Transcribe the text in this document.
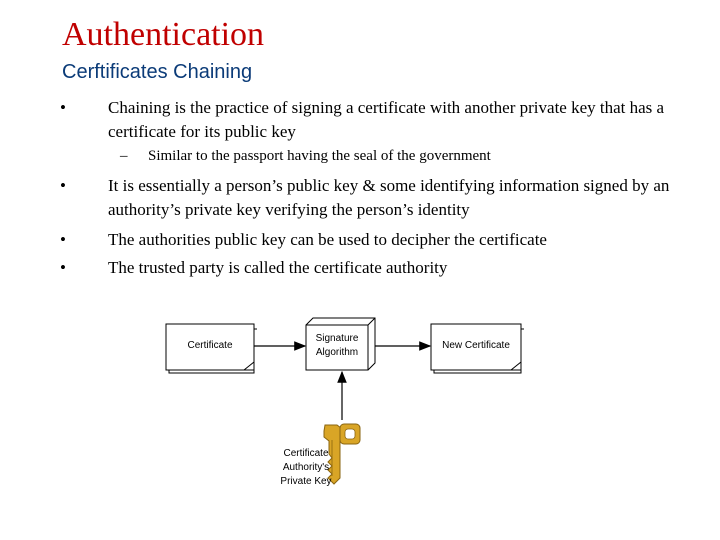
Authentication
Cerftificates Chaining
• Chaining is the practice of signing a certificate with another private key that has a certificate for its public key
– Similar to the passport having the seal of the government
• It is essentially a person’s public key & some identifying information signed by an authority’s private key verifying the person’s identity
• The authorities public key can be used to decipher the certificate
• The trusted party is called the certificate authority
Certificate
Signature
Algorithm
New Certificate
Certificate
Authority's
Private Key
